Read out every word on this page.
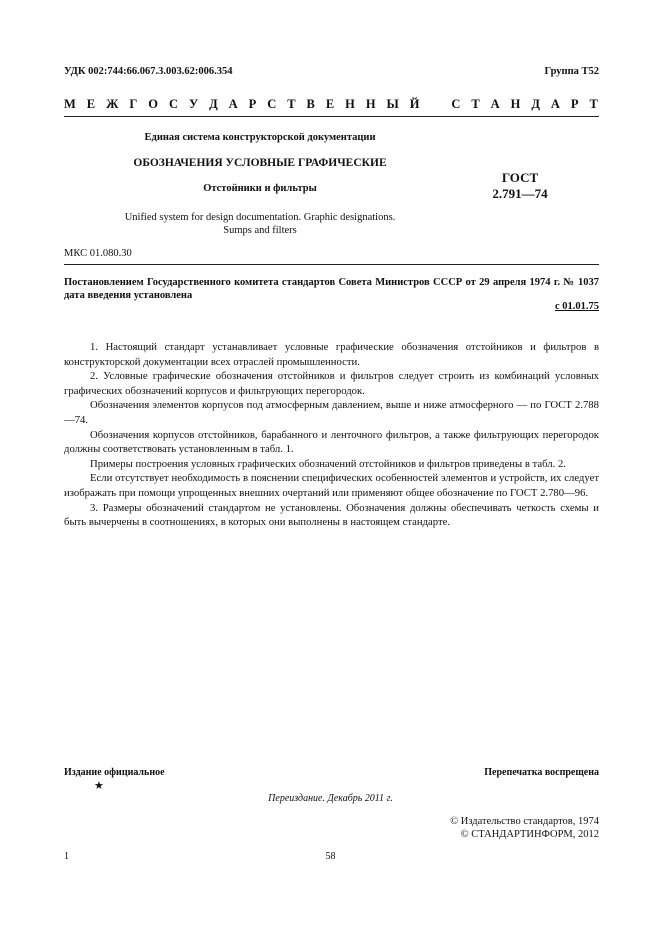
УДК 002:744:66.067.3.003.62:006.354	Группа Т52
М Е Ж Г О С У Д А Р С Т В Е Н Н Ы Й	С Т А Н Д А Р Т
Единая система конструкторской документации
ОБОЗНАЧЕНИЯ УСЛОВНЫЕ ГРАФИЧЕСКИЕ
Отстойники и фильтры
ГОСТ
2.791—74
Unified system for design documentation. Graphic designations.
Sumps and filters
МКС 01.080.30
Постановлением Государственного комитета стандартов Совета Министров СССР от 29 апреля 1974 г. № 1037 дата введения установлена
с 01.01.75

1. Настоящий стандарт устанавливает условные графические обозначения отстойников и фильтров в конструкторской документации всех отраслей промышленности.

2. Условные графические обозначения отстойников и фильтров следует строить из комбинаций условных графических обозначений корпусов и фильтрующих перегородок.

Обозначения элементов корпусов под атмосферным давлением, выше и ниже атмосферного — по ГОСТ 2.788—74.

Обозначения корпусов отстойников, барабанного и ленточного фильтров, а также фильтрующих перегородок должны соответствовать установленным в табл. 1.

Примеры построения условных графических обозначений отстойников и фильтров приведены в табл. 2.

Если отсутствует необходимость в пояснении специфических особенностей элементов и устройств, их следует изображать при помощи упрощенных внешних очертаний или применяют общее обозначение по ГОСТ 2.780—96.

3. Размеры обозначений стандартом не установлены. Обозначения должны обеспечивать четкость схемы и быть вычерчены в соотношениях, в которых они выполнены в настоящем стандарте.

Издание официальное
★
Перепечатка воспрещена
Переиздание. Декабрь 2011 г.
© Издательство стандартов, 1974
© СТАНДАРТИНФОРМ, 2012
1	58
